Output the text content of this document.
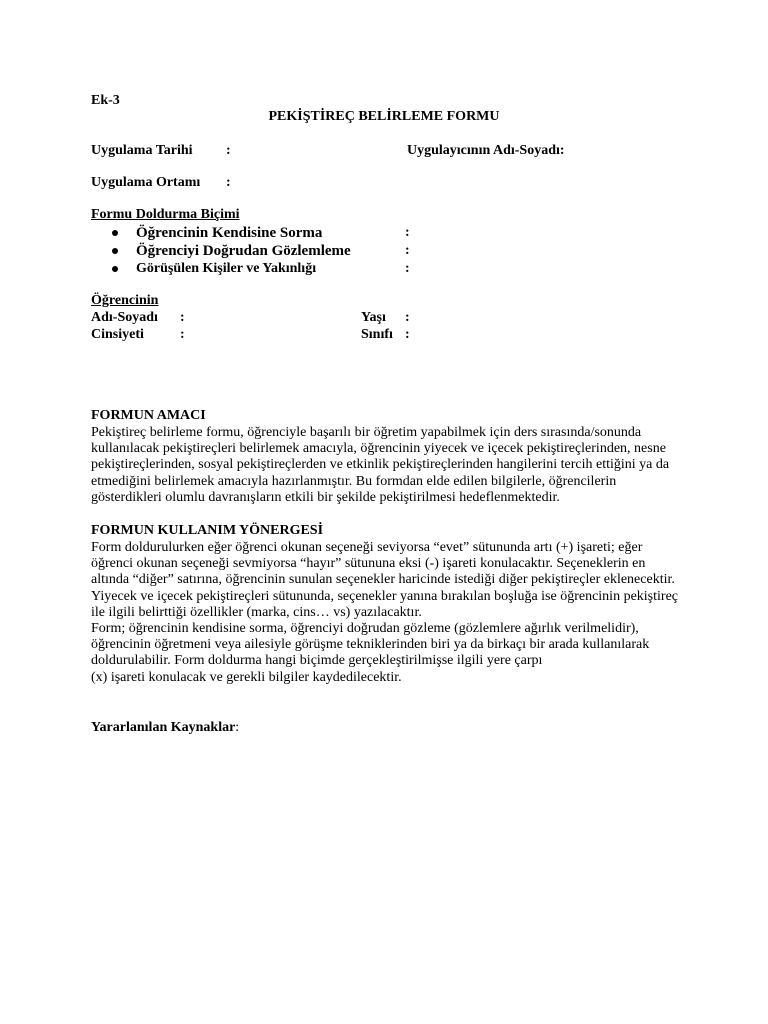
Ek-3
PEKİŞTİREÇ BELİRLEME FORMU
Uygulama Tarihi :	Uygulayıcının Adı-Soyadı:
Uygulama Ortamı :
Formu Doldurma Biçimi
Öğrencinin Kendisine Sorma	:
Öğrenciyi Doğrudan Gözlemleme	:
Görüşülen Kişiler ve Yakınlığı	:
Öğrencinin
Adı-Soyadı :	Yaşı :
Cinsiyeti	:	Sınıfı :
FORMUN AMACI
Pekiştireç belirleme formu, öğrenciyle başarılı bir öğretim yapabilmek için ders sırasında/sonunda
kullanılacak pekiştireçleri belirlemek amacıyla, öğrencinin yiyecek ve içecek pekiştireçlerinden, nesne
pekiştireçlerinden, sosyal pekiştireçlerden ve etkinlik pekiştireçlerinden hangilerini tercih ettiğini ya da
etmediğini belirlemek amacıyla hazırlanmıştır. Bu formdan elde edilen bilgilerle, öğrencilerin
gösterdikleri olumlu davranışların etkili bir şekilde pekiştirilmesi hedeflenmektedir.
FORMUN KULLANIM YÖNERGESİ
Form doldurulurken eğer öğrenci okunan seçeneği seviyorsa “evet” sütununda artı (+) işareti; eğer
öğrenci okunan seçeneği sevmiyorsa “hayır” sütununa eksi (-) işareti konulacaktır. Seçeneklerin en
altında “diğer” satırına, öğrencinin sunulan seçenekler haricinde istediği diğer pekiştireçler eklenecektir.
Yiyecek ve içecek pekiştireçleri sütununda, seçenekler yanına bırakılan boşluğa ise öğrencinin pekiştireç
ile ilgili belirttiği özellikler (marka, cins… vs) yazılacaktır.
Form; öğrencinin kendisine sorma, öğrenciyi doğrudan gözleme (gözlemlere ağırlık verilmelidir),
öğrencinin öğretmeni veya ailesiyle görüşme tekniklerinden biri ya da birkaçı bir arada kullanılarak
doldurulabilir. Form doldurma hangi biçimde gerçekleştirilmişse ilgili yere çarpı
(x) işareti konulacak ve gerekli bilgiler kaydedilecektir.
Yararlanılan Kaynaklar:
